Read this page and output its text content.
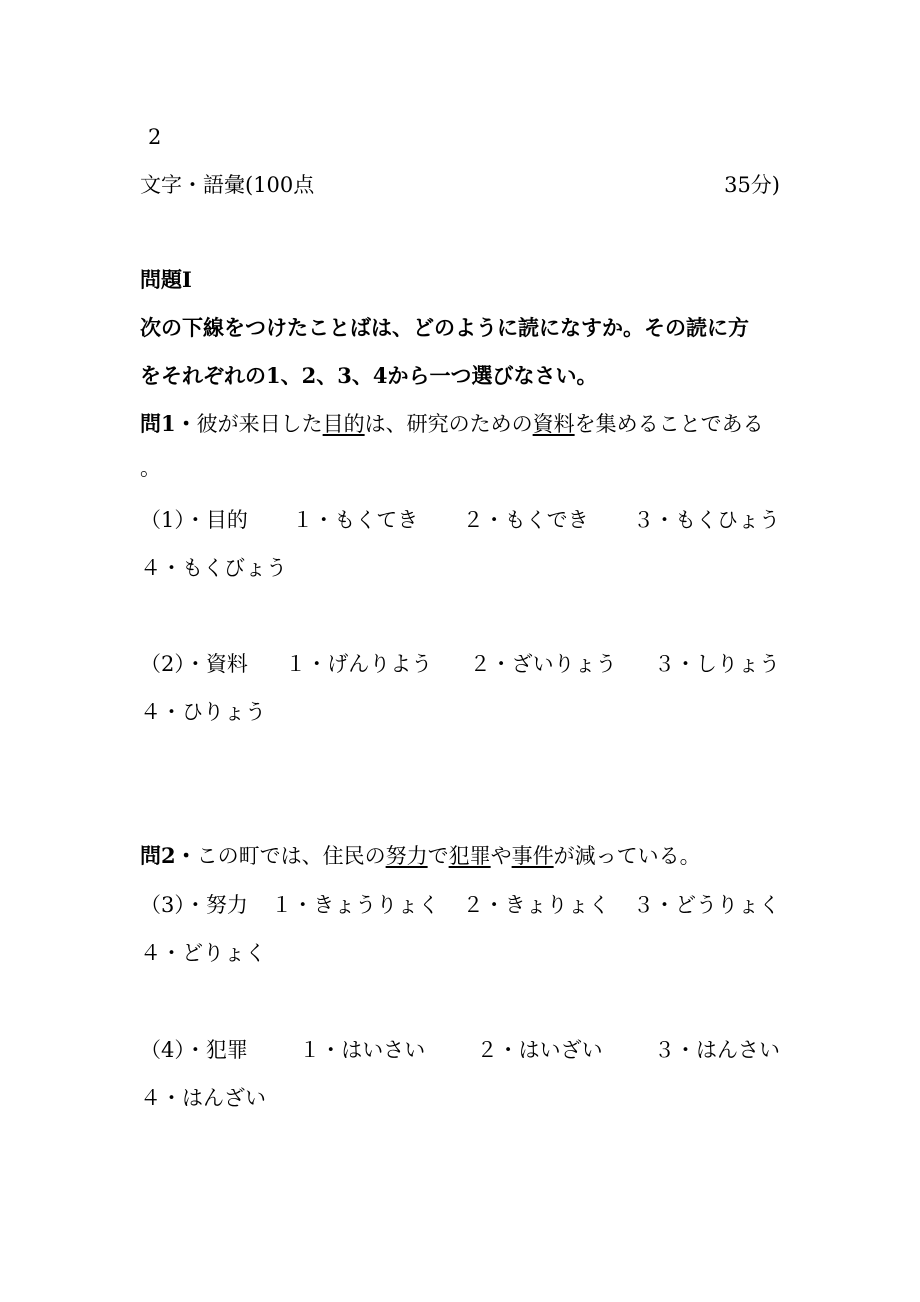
2
文字・語彙(100点	35分)
問題Ⅰ
次の下線をつけたことばは、どのように読になすか。その読に方
をそれぞれの1、2、3、4から一つ選びなさい。
問1・彼が来日した目的は、研究のための資料を集めることである
。
（1）・目的 １・もくてき ２・もくでき ３・もくひょう
４・もくびょう
（2）・資料 １・げんりよう ２・ざいりょう ３・しりょう
４・ひりょう
問2・この町では、住民の努力で犯罪や事件が減っている。
（3）・努力 １・きょうりょく ２・きょりょく ３・どうりょく
４・どりょく
（4）・犯罪 １・はいさい ２・はいざい ３・はんさい
４・はんざい
